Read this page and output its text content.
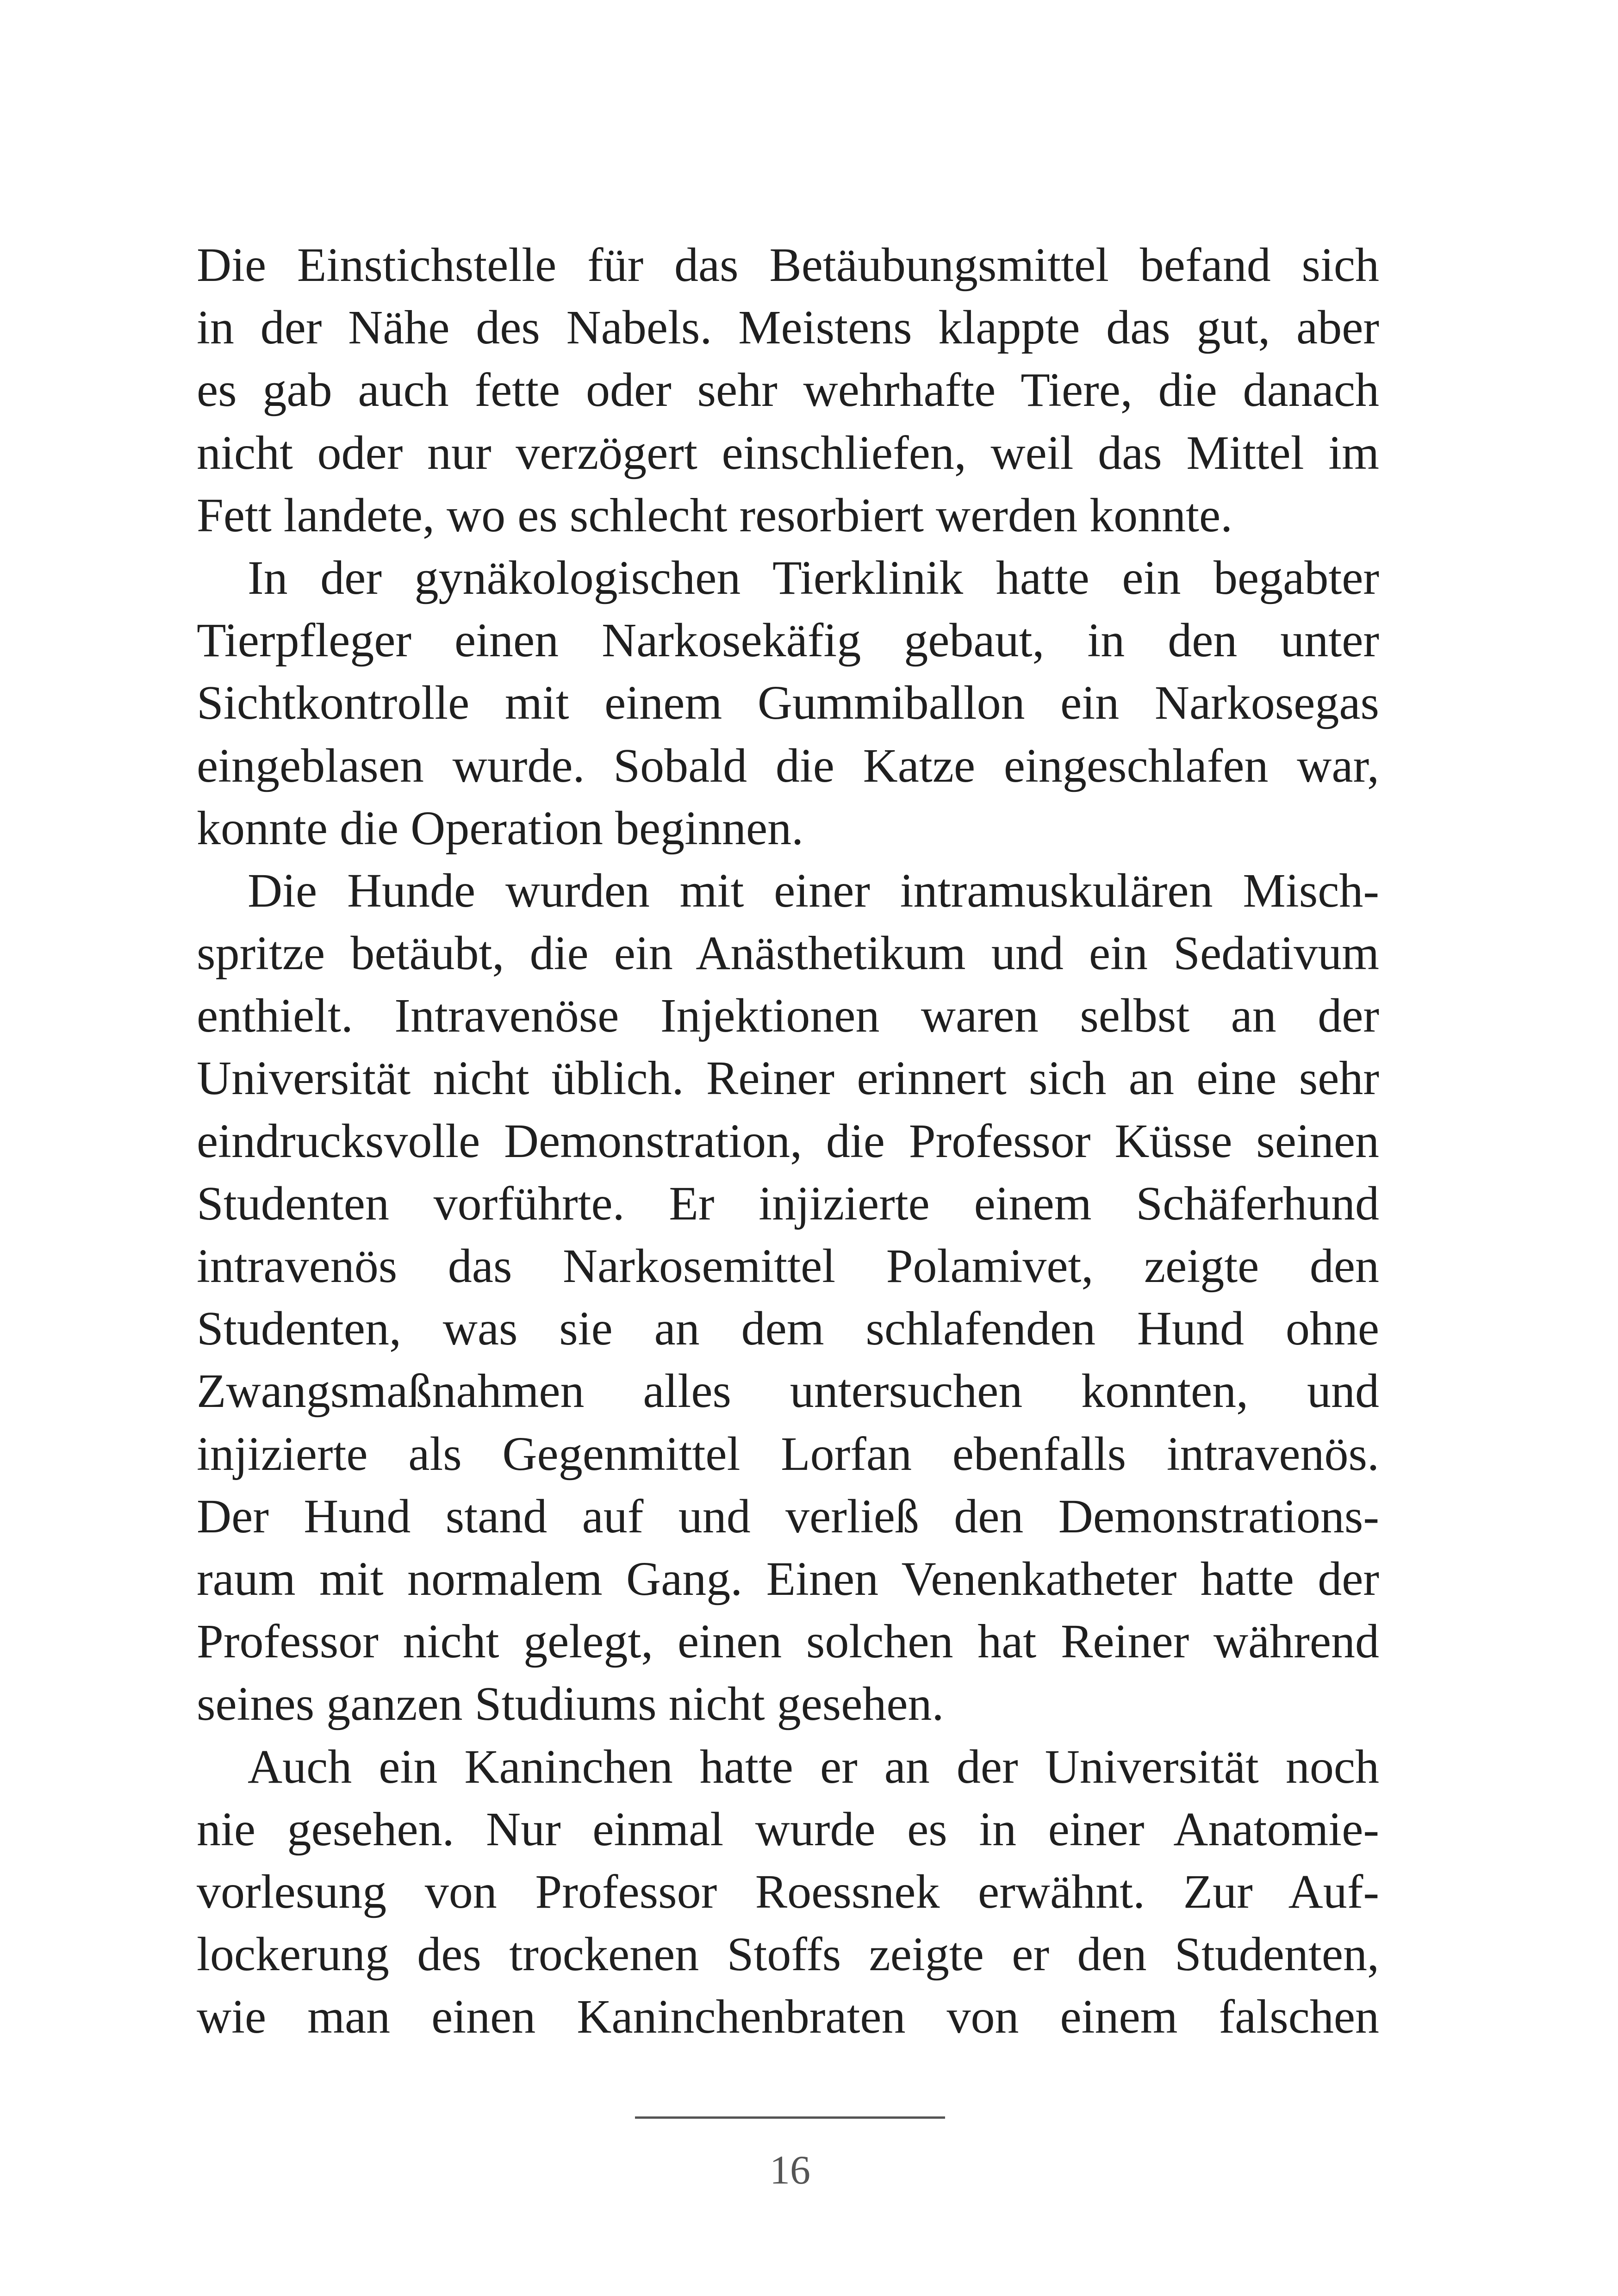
Die Einstichstelle für das Betäubungsmittel befand sich
in der Nähe des Nabels. Meistens klappte das gut, aber
es gab auch fette oder sehr wehrhafte Tiere, die danach
nicht oder nur verzögert einschliefen, weil das Mittel im
Fett landete, wo es schlecht resorbiert werden konnte.
In der gynäkologischen Tierklinik hatte ein begabter
Tierpfleger einen Narkosekäfig gebaut, in den unter
Sichtkontrolle mit einem Gummiballon ein Narkosegas
eingeblasen wurde. Sobald die Katze eingeschlafen war,
konnte die Operation beginnen.
Die Hunde wurden mit einer intramuskulären Misch-
spritze betäubt, die ein Anästhetikum und ein Sedativum
enthielt. Intravenöse Injektionen waren selbst an der
Universität nicht üblich. Reiner erinnert sich an eine sehr
eindrucksvolle Demonstration, die Professor Küsse seinen
Studenten vorführte. Er injizierte einem Schäferhund
intravenös das Narkosemittel Polamivet, zeigte den
Studenten, was sie an dem schlafenden Hund ohne
Zwangsmaßnahmen alles untersuchen konnten, und
injizierte als Gegenmittel Lorfan ebenfalls intravenös.
Der Hund stand auf und verließ den Demonstrations-
raum mit normalem Gang. Einen Venenkatheter hatte der
Professor nicht gelegt, einen solchen hat Reiner während
seines ganzen Studiums nicht gesehen.
Auch ein Kaninchen hatte er an der Universität noch
nie gesehen. Nur einmal wurde es in einer Anatomie-
vorlesung von Professor Roessnek erwähnt. Zur Auf-
lockerung des trockenen Stoffs zeigte er den Studenten,
wie man einen Kaninchenbraten von einem falschen
16
